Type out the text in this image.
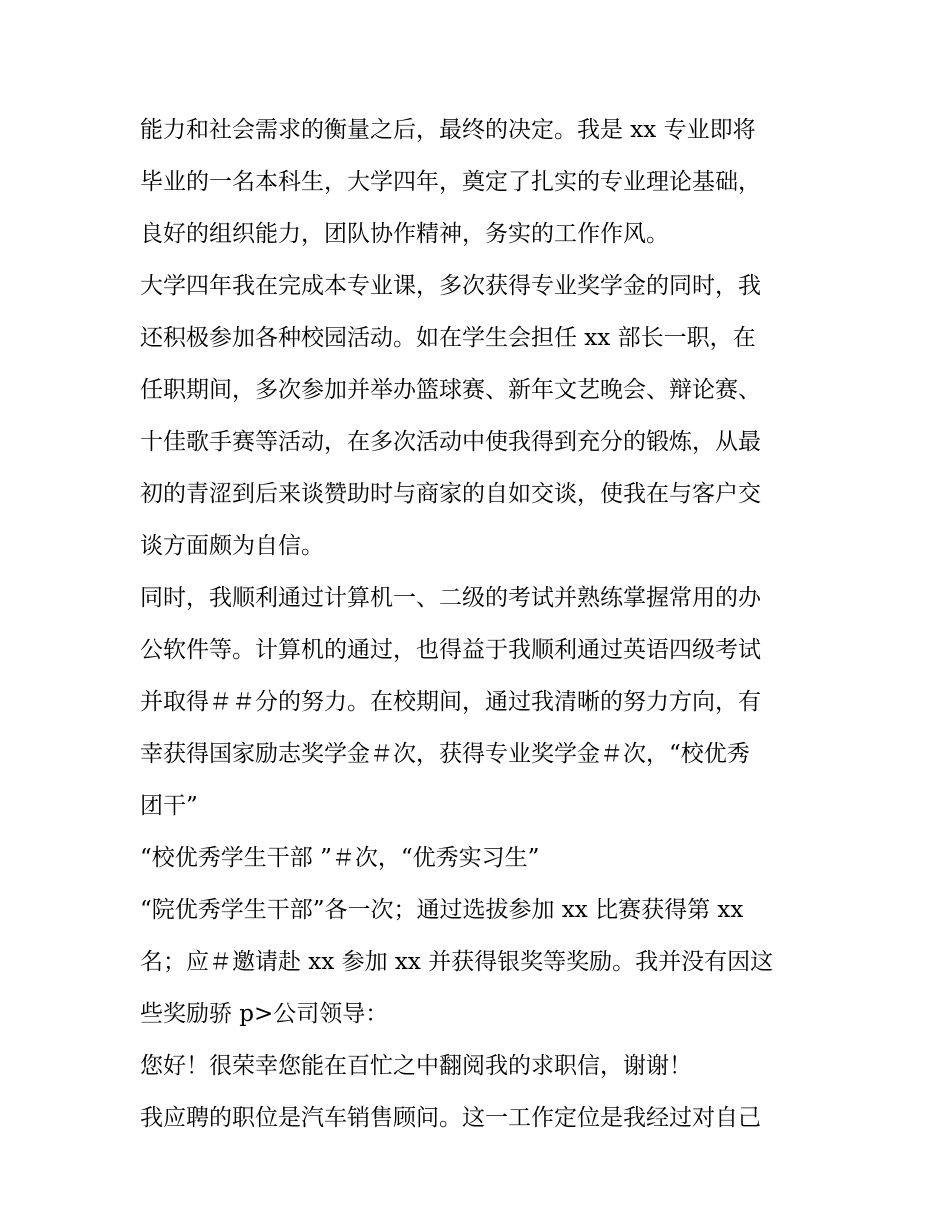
能力和社会需求的衡量之后，最终的决定。我是 xx 专业即将
毕业的一名本科生，大学四年，奠定了扎实的专业理论基础，
良好的组织能力，团队协作精神，务实的工作作风。
大学四年我在完成本专业课，多次获得专业奖学金的同时，我
还积极参加各种校园活动。如在学生会担任 xx 部长一职，在
任职期间，多次参加并举办篮球赛、新年文艺晚会、辩论赛、
十佳歌手赛等活动，在多次活动中使我得到充分的锻炼，从最
初的青涩到后来谈赞助时与商家的自如交谈，使我在与客户交
谈方面颇为自信。
同时，我顺利通过计算机一、二级的考试并熟练掌握常用的办
公软件等。计算机的通过，也得益于我顺利通过英语四级考试
并取得＃＃分的努力。在校期间，通过我清晰的努力方向，有
幸获得国家励志奖学金＃次，获得专业奖学金＃次，“校优秀
团干”
“校优秀学生干部 ”＃次，“优秀实习生”
“院优秀学生干部”各一次；通过选拔参加 xx 比赛获得第 xx
名；应＃邀请赴 xx 参加 xx 并获得银奖等奖励。我并没有因这
些奖励骄 p>公司领导：
您好！很荣幸您能在百忙之中翻阅我的求职信，谢谢！
我应聘的职位是汽车销售顾问。这一工作定位是我经过对自己
